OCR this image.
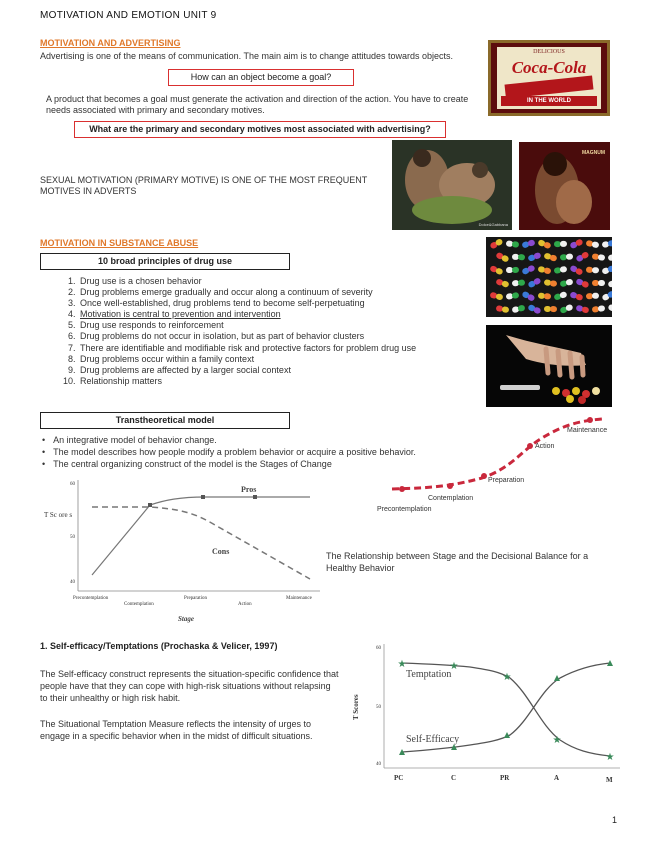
MOTIVATION AND EMOTION UNIT 9
MOTIVATION AND ADVERTISING
Advertising is one of the means of communication. The main aim is to change attitudes towards objects.
How can an object become a goal?
A product that becomes a goal must generate the activation and direction of the action. You have to create needs associated with primary and secondary motives.
What are the primary and secondary motives most associated with advertising?
SEXUAL MOTIVATION (PRIMARY MOTIVE) IS ONE OF THE MOST FREQUENT MOTIVES IN ADVERTS
DELICIOUS
Coca-Cola
IN THE WORLD
Dolce&Gabbana
MAGNUM
MOTIVATION IN SUBSTANCE ABUSE
10 broad principles of drug use
1. Drug use is a chosen behavior
2. Drug problems emerge gradually and occur along a continuum of severity
3. Once well-established, drug problems tend to become self-perpetuating
4. Motivation is central to prevention and intervention
5. Drug use responds to reinforcement
6. Drug problems do not occur in isolation, but as part of behavior clusters
7. There are identifiable and modifiable risk and protective factors for problem drug use
8. Drug problems occur within a family context
9. Drug problems are affected by a larger social context
10. Relationship matters
Transtheoretical model
• An integrative model of behavior change.
• The model describes how people modify a problem behavior or acquire a positive behavior.
• The central organizing construct of the model is the Stages of Change
Precontemplation
Contemplation
Preparation
Action
Maintenance
T Sc ore s
60
50
40
Pros
Cons
Precontemplation
Contemplation
Preparation
Action
Maintenance
Stage
The Relationship between Stage and the Decisional Balance for a Healthy Behavior
1. Self-efficacy/Temptations (Prochaska & Velicer, 1997)
The Self-efficacy construct represents the situation-specific confidence that people have that they can cope with high-risk situations without relapsing to their unhealthy or high risk habit.
The Situational Temptation Measure reflects the intensity of urges to engage in a specific behavior when in the midst of difficult situations.
T Scores
60
50
40
★	★
★
★
★
Temptation
Self-Efficacy
PC	C	PR	A	M
1
